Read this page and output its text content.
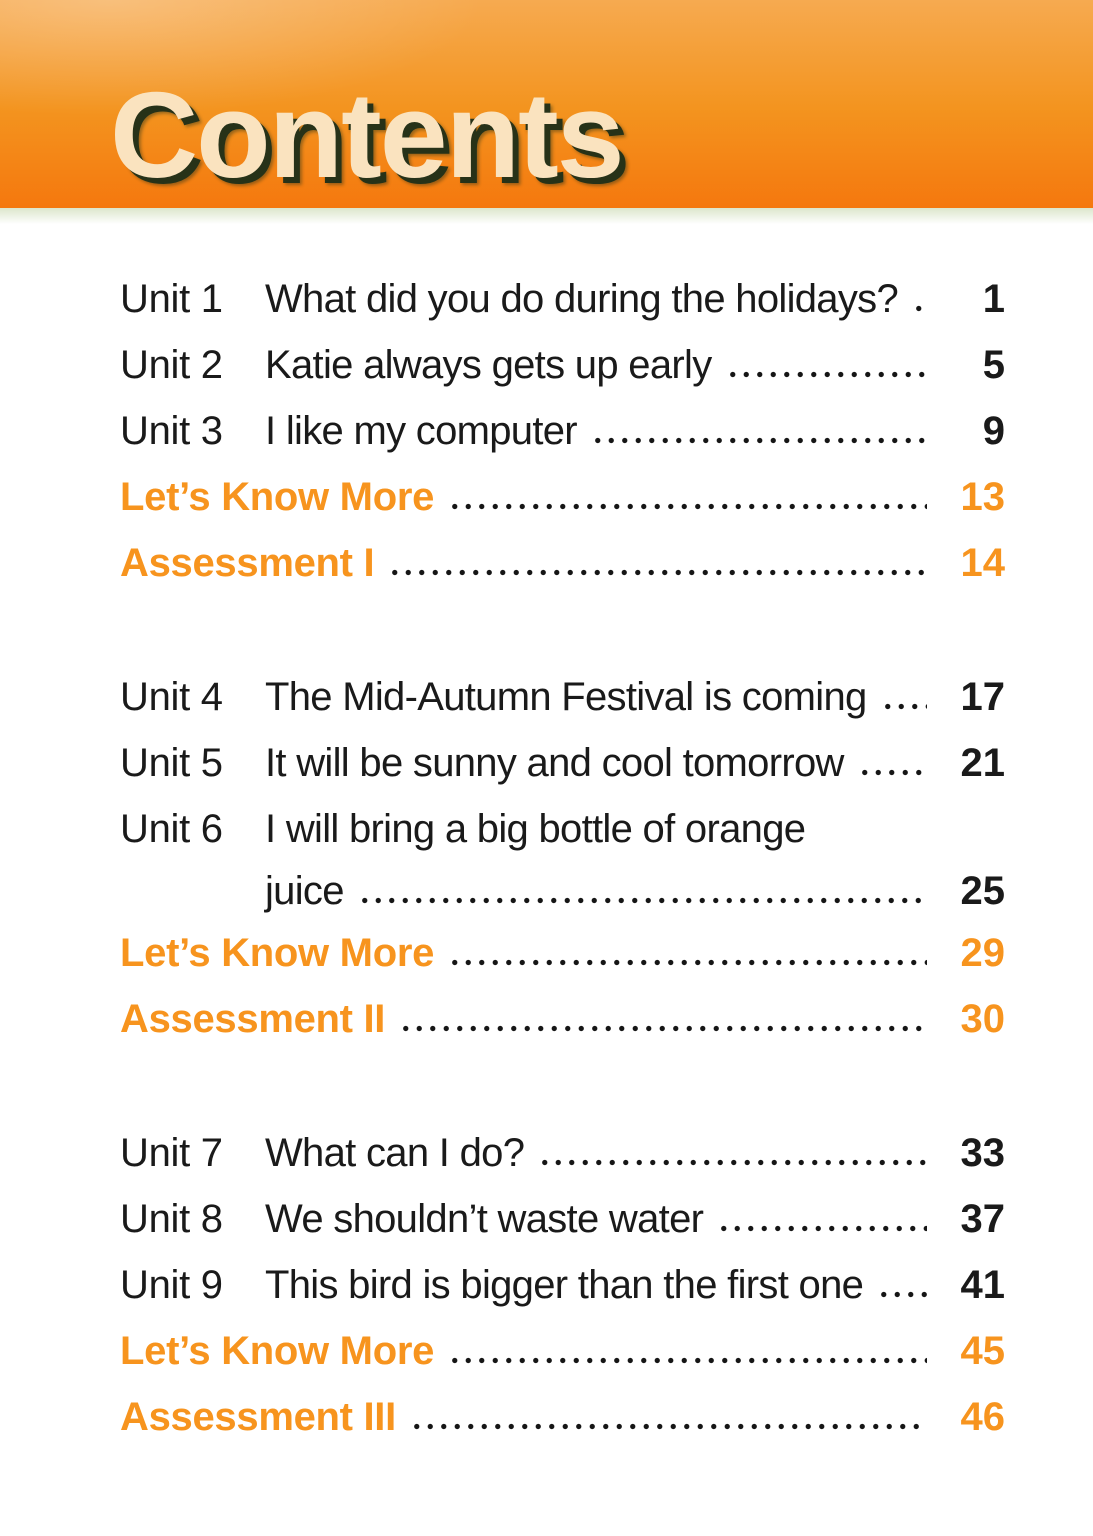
Contents
Unit 1	What did you do during the holidays?	1
Unit 2	Katie always gets up early	5
Unit 3	I like my computer	9
Let’s Know More	13
Assessment I	14
Unit 4	The Mid-Autumn Festival is coming	17
Unit 5	It will be sunny and cool tomorrow	21
Unit 6	I will bring a big bottle of orange
juice	25
Let’s Know More	29
Assessment II	30
Unit 7	What can I do?	33
Unit 8	We shouldn’t waste water	37
Unit 9	This bird is bigger than the first one	41
Let’s Know More	45
Assessment III	46
